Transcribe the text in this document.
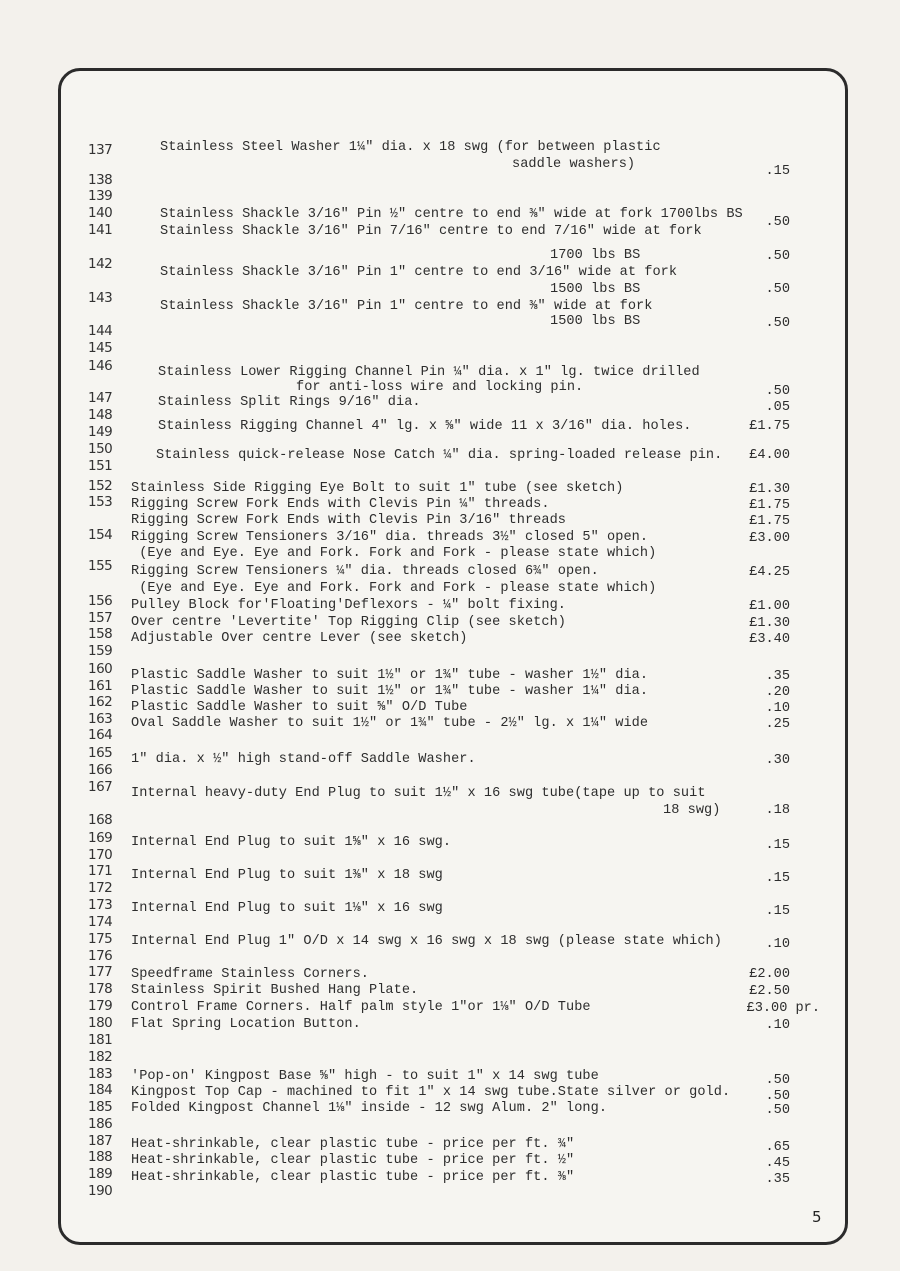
137
138
139
140
141
142
143
144
145
146
147
148
149
150
151
152
153
154
155
156
157
158
159
160
161
162
163
164
165
166
167
168
169
170
171
172
173
174
175
176
177
178
179
180
181
182
183
184
185
186
187
188
189
190
Stainless Steel Washer 1¼" dia. x 18 swg (for between plastic
saddle washers)
Stainless Shackle 3/16" Pin ½" centre to end ⅜" wide at fork 1700lbs BS
Stainless Shackle 3/16" Pin 7/16" centre to end 7/16" wide at fork
1700 lbs BS
Stainless Shackle 3/16" Pin 1" centre to end 3/16" wide at fork
1500 lbs BS
Stainless Shackle 3/16" Pin 1" centre to end ⅜" wide at fork
1500 lbs BS
Stainless Lower Rigging Channel Pin ¼" dia. x 1" lg. twice drilled
for anti-loss wire and locking pin.
Stainless Split Rings 9/16" dia.
Stainless Rigging Channel 4" lg. x ⅝" wide 11 x 3/16" dia. holes.
Stainless quick-release Nose Catch ¼" dia. spring-loaded release pin.
Stainless Side Rigging Eye Bolt to suit 1" tube (see sketch)
Rigging Screw Fork Ends with Clevis Pin ¼" threads.
Rigging Screw Fork Ends with Clevis Pin 3/16" threads
Rigging Screw Tensioners 3/16" dia. threads 3½" closed 5" open.
(Eye and Eye. Eye and Fork. Fork and Fork - please state which)
Rigging Screw Tensioners ¼" dia. threads closed 6¾" open.
(Eye and Eye. Eye and Fork. Fork and Fork - please state which)
Pulley Block for'Floating'Deflexors - ¼" bolt fixing.
Over centre 'Levertite' Top Rigging Clip (see sketch)
Adjustable Over centre Lever (see sketch)
Plastic Saddle Washer to suit 1½" or 1¾" tube - washer 1½" dia.
Plastic Saddle Washer to suit 1½" or 1¾" tube - washer 1¼" dia.
Plastic Saddle Washer to suit ⅝" O/D Tube
Oval Saddle Washer to suit 1½" or 1¾" tube - 2½" lg. x 1¼" wide
1" dia. x ½" high stand-off Saddle Washer.
Internal heavy-duty End Plug to suit 1½" x 16 swg tube(tape up to suit
18 swg)
Internal End Plug to suit 1⅝" x 16 swg.
Internal End Plug to suit 1⅜" x 18 swg
Internal End Plug to suit 1⅛" x 16 swg
Internal End Plug 1" O/D x 14 swg x 16 swg x 18 swg (please state which)
Speedframe Stainless Corners.
Stainless Spirit Bushed Hang Plate.
Control Frame Corners. Half palm style 1"or 1⅛" O/D Tube
Flat Spring Location Button.
'Pop-on' Kingpost Base ⅝" high - to suit 1" x 14 swg tube
Kingpost Top Cap - machined to fit 1" x 14 swg tube.State silver or gold.
Folded Kingpost Channel 1⅛" inside - 12 swg Alum. 2" long.
Heat-shrinkable, clear plastic tube - price per ft. ¾"
Heat-shrinkable, clear plastic tube - price per ft. ½"
Heat-shrinkable, clear plastic tube - price per ft. ⅜"
.15
.50
.50
.50
.50
.50
.05
£1.75
£4.00
£1.30
£1.75
£1.75
£3.00
£4.25
£1.00
£1.30
£3.40
.35
.20
.10
.25
.30
.18
.15
.15
.15
.10
£2.00
£2.50
£3.00 pr.
.10
.50
.50
.50
.65
.45
.35
5
